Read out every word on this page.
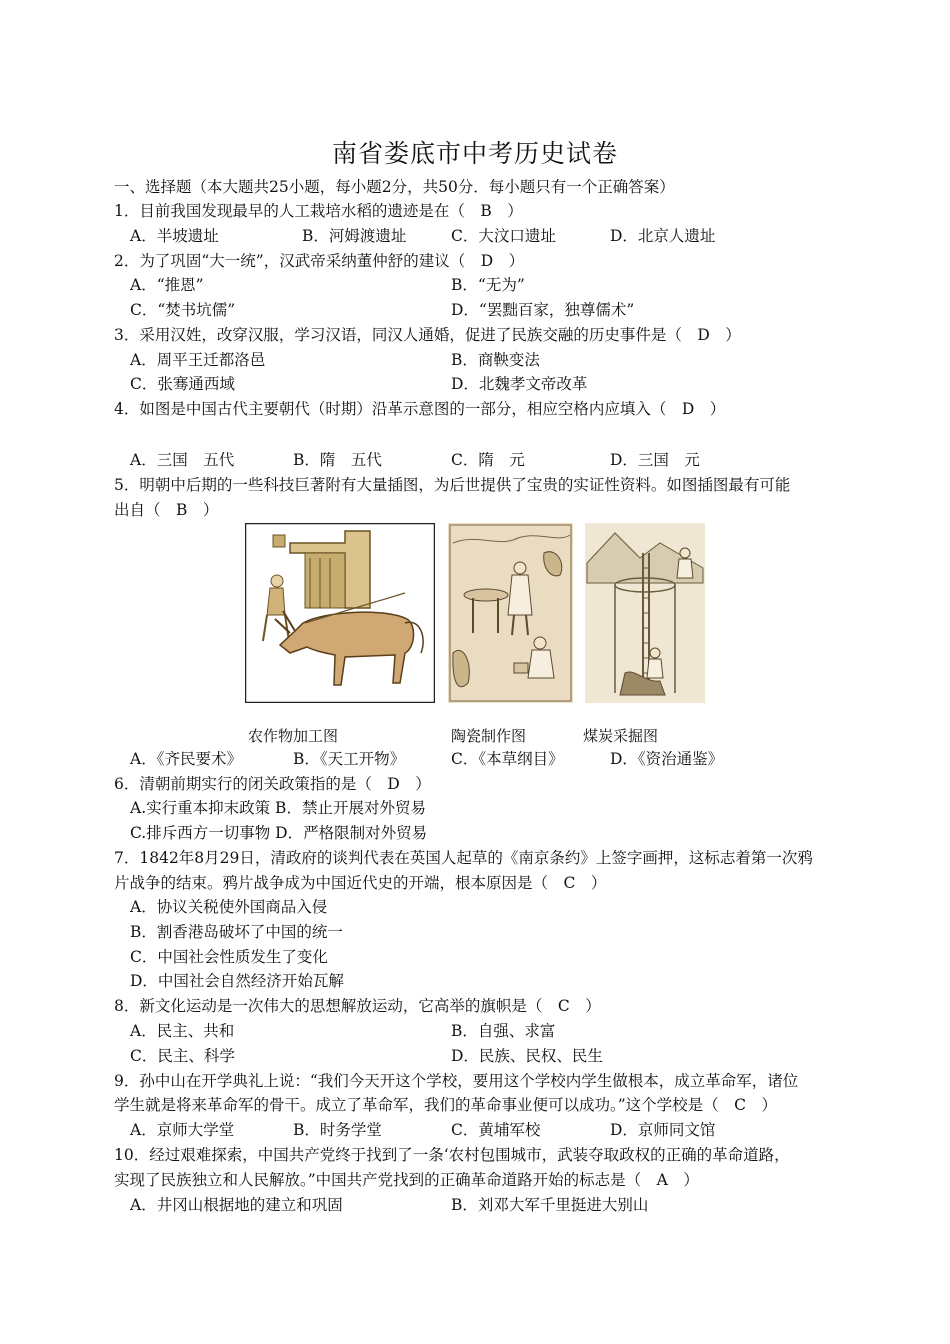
南省娄底市中考历史试卷
一、选择题（本大题共25小题，每小题2分，共50分．每小题只有一个正确答案）
1．目前我国发现最早的人工栽培水稻的遗迹是在（　B　）
A．半坡遗址	B．河姆渡遗址	C．大汶口遗址	D．北京人遗址
2．为了巩固“大一统”，汉武帝采纳董仲舒的建议（　D　）
A．“推恩”	B．“无为”
C．“焚书坑儒”	D．“罢黜百家，独尊儒术”
3．采用汉姓，改穿汉服，学习汉语，同汉人通婚，促进了民族交融的历史事件是（　D　）
A．周平王迁都洛邑	B．商鞅变法
C．张骞通西域	D．北魏孝文帝改革
4．如图是中国古代主要朝代（时期）沿革示意图的一部分，相应空格内应填入（　D　）
A．三国　五代	B．隋　五代	C．隋　元	D．三国　元
5．明朝中后期的一些科技巨著附有大量插图，为后世提供了宝贵的实证性资料。如图插图最有可能
出自（　B　）
农作物加工图	陶瓷制作图	煤炭采掘图
A．《齐民要术》	B．《天工开物》	C．《本草纲目》	D．《资治通鉴》
6．清朝前期实行的闭关政策指的是（　D　）
A.实行重本抑末政策 B．禁止开展对外贸易
C.排斥西方一切事物 D．严格限制对外贸易
7．1842年8月29日，清政府的谈判代表在英国人起草的《南京条约》上签字画押，这标志着第一次鸦
片战争的结束。鸦片战争成为中国近代史的开端，根本原因是（　C　）
A．协议关税使外国商品入侵
B．割香港岛破坏了中国的统一
C．中国社会性质发生了变化
D．中国社会自然经济开始瓦解
8．新文化运动是一次伟大的思想解放运动，它高举的旗帜是（　C　）
A．民主、共和	B．自强、求富
C．民主、科学	D．民族、民权、民生
9．孙中山在开学典礼上说：“我们今天开这个学校，要用这个学校内学生做根本，成立革命军，诸位
学生就是将来革命军的骨干。成立了革命军，我们的革命事业便可以成功。”这个学校是（　C　）
A．京师大学堂	B．时务学堂	C．黄埔军校	D．京师同文馆
10．经过艰难探索，中国共产党终于找到了一条‘农村包围城市，武装夺取政权的正确的革命道路，
实现了民族独立和人民解放。”中国共产党找到的正确革命道路开始的标志是（　A　）
A．井冈山根据地的建立和巩固	B．刘邓大军千里挺进大别山
